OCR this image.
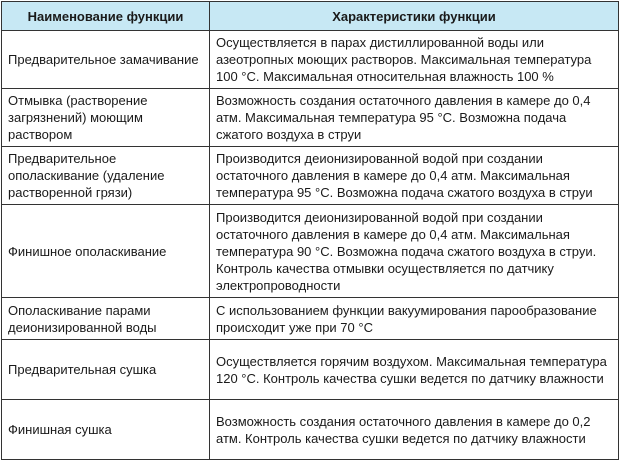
Наименование функции	Характеристики функции
Предварительное замачивание	Осуществляется в парах дистиллированной воды или азеотропных моющих растворов. Максимальная температура 100 °С. Максимальная относительная влажность 100 %
Отмывка (растворение загрязнений) моющим раствором	Возможность создания остаточного давления в камере до 0,4 атм. Максимальная температура 95 °С. Возможна подача сжатого воздуха в струи
Предварительное ополаскивание (удаление растворенной грязи)	Производится деионизированной водой при создании остаточного давления в камере до 0,4 атм. Максимальная температура 95 °С. Возможна подача сжатого воздуха в струи
Финишное ополаскивание	Производится деионизированной водой при создании остаточного давления в камере до 0,4 атм. Максимальная температура 90 °С. Возможна подача сжатого воздуха в струи. Контроль качества отмывки осуществляется по датчику электропроводности
Ополаскивание парами деионизированной воды	С использованием функции вакуумирования парообразование происходит уже при 70 °С
Предварительная сушка	Осуществляется горячим воздухом. Максимальная температура 120 °С. Контроль качества сушки ведется по датчику влажности
Финишная сушка	Возможность создания остаточного давления в камере до 0,2 атм. Контроль качества сушки ведется по датчику влажности
